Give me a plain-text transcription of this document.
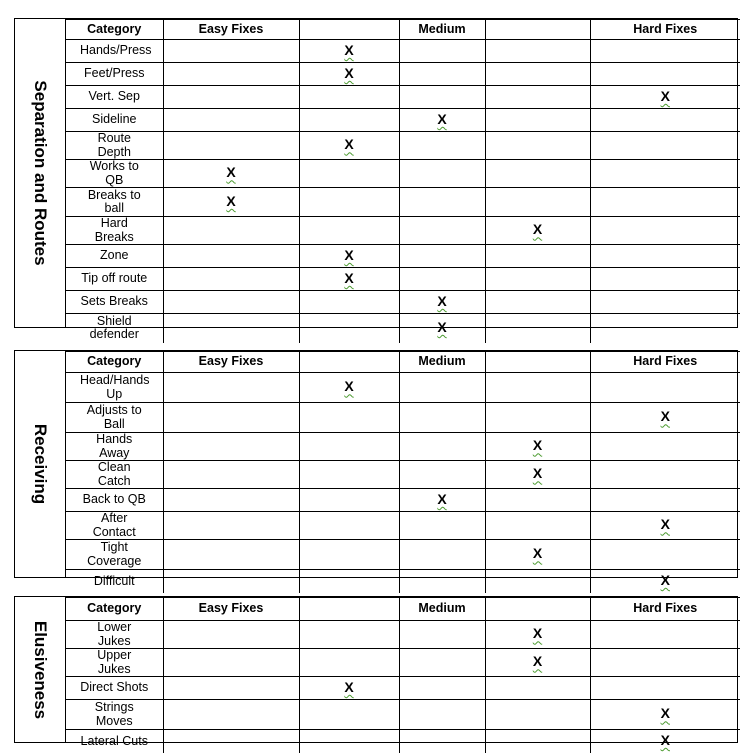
Separation and Routes
Category	Easy Fixes		Medium		Hard Fixes
Hands/Press		X			
Feet/Press		X			
Vert. Sep					X
Sideline			X		
Route Depth		X			
Works to QB	X				
Breaks to ball	X				
Hard Breaks				X	
Zone		X			
Tip off route		X			
Sets Breaks			X		
Shield defender			X		
Receiving
Category	Easy Fixes		Medium		Hard Fixes
Head/Hands Up		X			
Adjusts to Ball					X
Hands Away				X	
Clean Catch				X	
Back to QB			X		
After Contact					X
Tight Coverage				X	
Difficult					X
Elusiveness
Category	Easy Fixes		Medium		Hard Fixes
Lower Jukes				X	
Upper Jukes				X	
Direct Shots		X			
Strings Moves					X
Lateral Cuts					X
